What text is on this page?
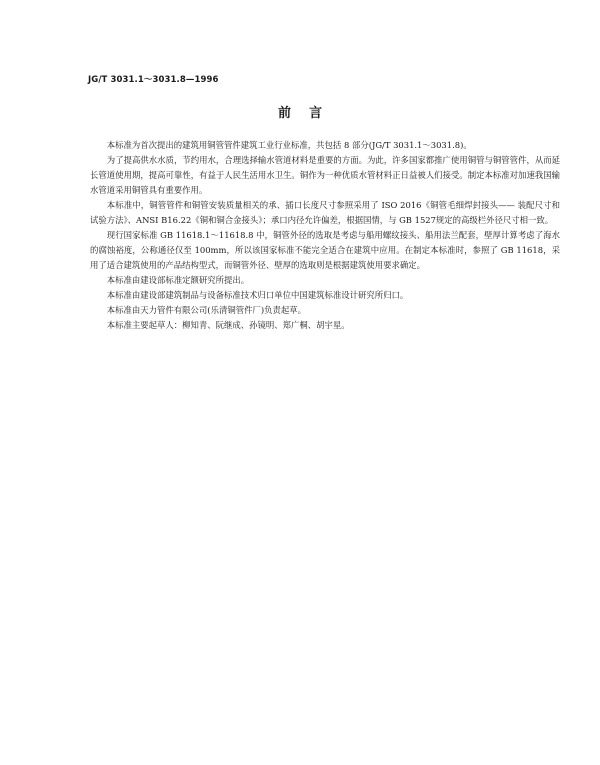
JG/T 3031.1～3031.8—1996
前言

本标准为首次提出的建筑用铜管管件建筑工业行业标准，共包括 8 部分(JG/T 3031.1～3031.8)。

为了提高供水水质，节约用水，合理选择输水管道材料是重要的方面。为此，许多国家都推广使用铜管与铜管管件，从而延长管道使用期，提高可靠性，有益于人民生活用水卫生。铜作为一种优质水管材料正日益被人们接受。制定本标准对加速我国输水管道采用铜管具有重要作用。

本标准中，铜管管件和铜管安装质量相关的承、插口长度尺寸参照采用了 ISO 2016《铜管毛细焊封接头—— 装配尺寸和试验方法》、ANSI B16.22《铜和铜合金接头》；承口内径允许偏差，根据国情，与 GB 1527规定的高级栏外径尺寸相一致。

现行国家标准 GB 11618.1～11618.8 中，铜管外径的选取是考虑与船用螺纹接头、船用法兰配套，壁厚计算考虑了海水的腐蚀裕度，公称通径仅至 100mm，所以该国家标准不能完全适合在建筑中应用。在制定本标准时，参照了 GB 11618，采用了适合建筑使用的产品结构型式，而铜管外径、壁厚的选取则是根据建筑使用要求确定。

本标准由建设部标准定额研究所提出。

本标准由建设部建筑制品与设备标准技术归口单位中国建筑标准设计研究所归口。

本标准由天力管件有限公司(乐清铜管件厂)负责起草。

本标准主要起草人：柳知青、阮继成、孙镜明、郑广桐、胡宇星。
